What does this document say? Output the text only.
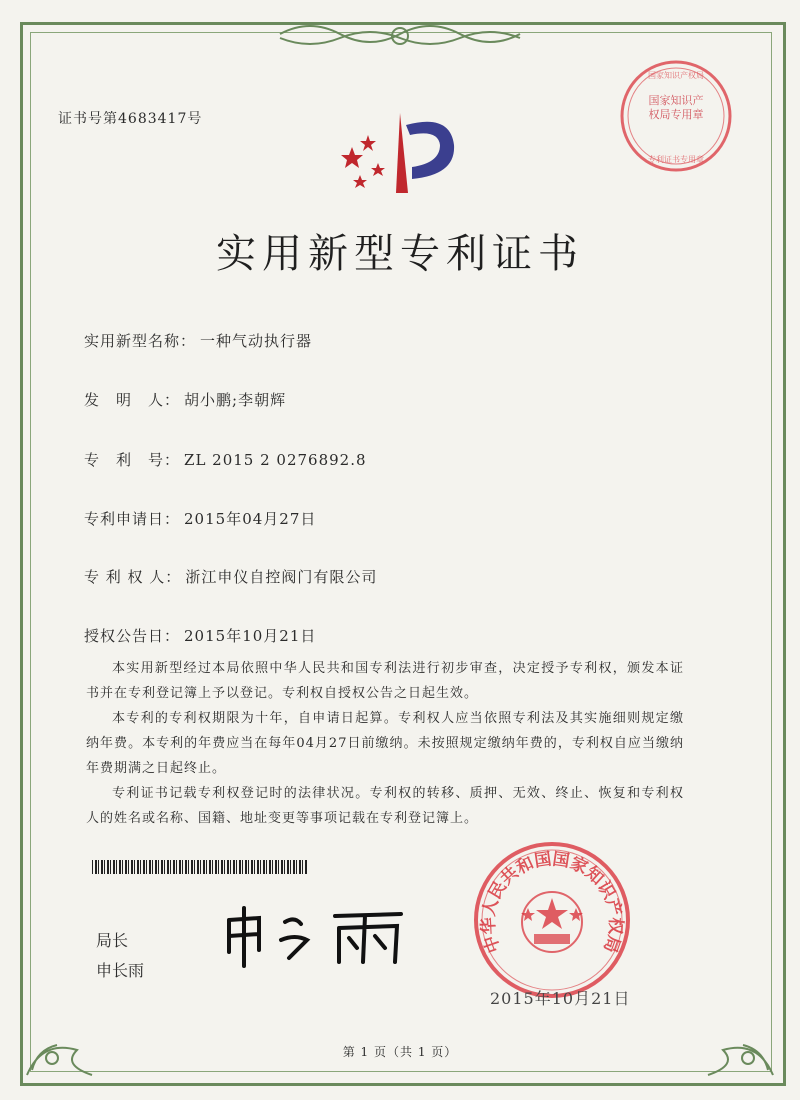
证书号第4683417号
国家知识产权局
专利证书专用章
国家知识产权局专用章
实用新型专利证书
实用新型名称： 一种气动执行器
发　明　人： 胡小鹏;李朝辉
专　利　号： ZL 2015 2 0276892.8
专利申请日： 2015年04月27日
专 利 权 人： 浙江申仪自控阀门有限公司
授权公告日： 2015年10月21日

本实用新型经过本局依照中华人民共和国专利法进行初步审查，决定授予专利权，颁发本证书并在专利登记簿上予以登记。专利权自授权公告之日起生效。

本专利的专利权期限为十年，自申请日起算。专利权人应当依照专利法及其实施细则规定缴纳年费。本专利的年费应当在每年04月27日前缴纳。未按照规定缴纳年费的，专利权自应当缴纳年费期满之日起终止。

专利证书记载专利权登记时的法律状况。专利权的转移、质押、无效、终止、恢复和专利权人的姓名或名称、国籍、地址变更等事项记载在专利登记簿上。

局长
申长雨
中华人民共和国国家知识产权局
2015年10月21日
第 1 页（共 1 页）
